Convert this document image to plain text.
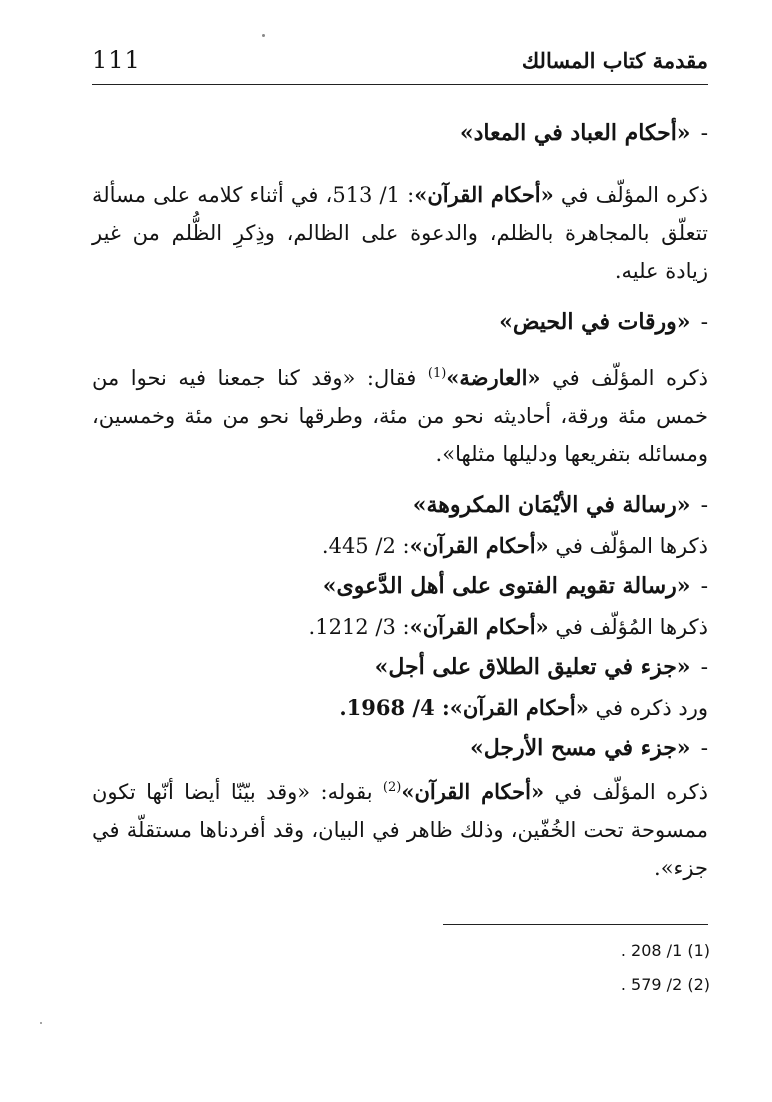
111	مقدمة كتاب المسالك

-«أحكام العباد في المعاد»

ذكره المؤلّف في «أحكام القرآن»: 1/ 513، في أثناء كلامه على مسألة تتعلّق بالمجاهرة بالظلم، والدعوة على الظالم، وذِكرِ الظُّلم من غير زيادة عليه.

-«ورقات في الحيض»

ذكره المؤلّف في «العارضة»$^{(1)}$ فقال: «وقد كنا جمعنا فيه نحوا من خمس مئة ورقة، أحاديثه نحو من مئة، وطرقها نحو من مئة وخمسين، ومسائله بتفريعها ودليلها مثلها».

-«رسالة في الأيْمَان المكروهة»

ذكرها المؤلّف في «أحكام القرآن»: 2/ 445.

-«رسالة تقويم الفتوى على أهل الدَّعوى»

ذكرها المُؤلّف في «أحكام القرآن»: 3/ 1212.

-«جزء في تعليق الطلاق على أجل»

ورد ذكره في «أحكام القرآن»: 4/ 1968.

-«جزء في مسح الأرجل»

ذكره المؤلّف في «أحكام القرآن»$^{(2)}$ بقوله: «وقد بيّنّا أيضا أنّها تكون ممسوحة تحت الخُفّين، وذلك ظاهر في البيان، وقد أفردناها مستقلّة في جزء».

. 208 /1 (1)
. 579 /2 (2)
